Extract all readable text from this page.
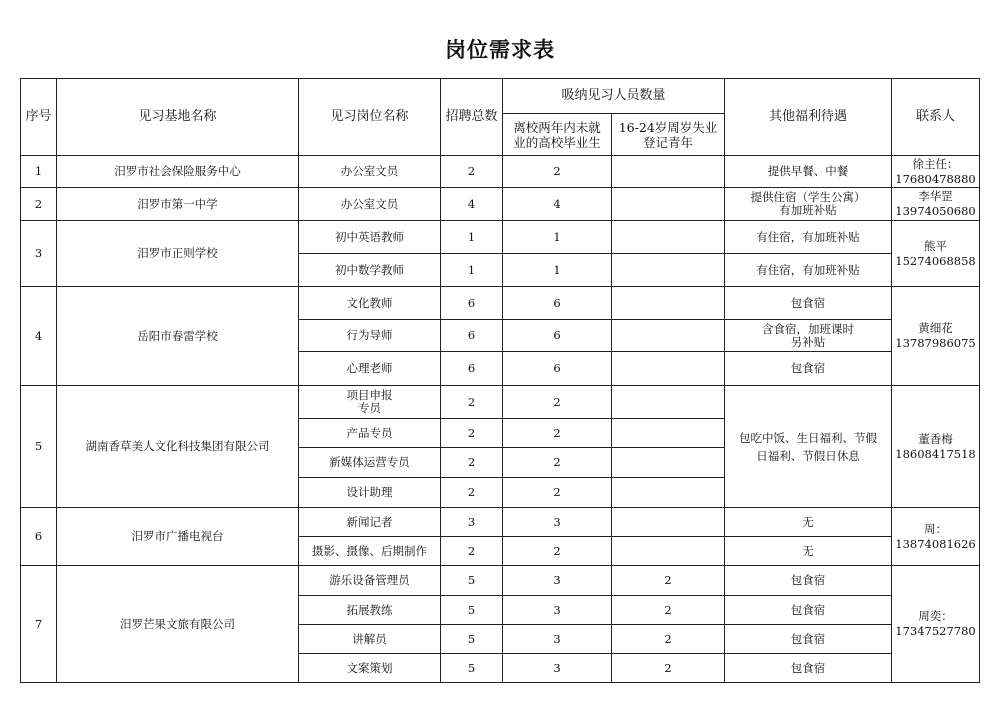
岗位需求表
序号	见习基地名称	见习岗位名称	招聘总数	吸纳见习人员数量		其他福利待遇	联系人

				离校两年内未就
业的高校毕业生	16-24岁周岁失业
登记青年		

1	汨罗市社会保险服务中心	办公室文员	2	2		提供早餐、中餐	徐主任：
17680478880

2	汨罗市第一中学	办公室文员	4	4		提供住宿（学生公寓）
有加班补贴	李华罡
13974050680

3	汨罗市正则学校	初中英语教师	1	1		有住宿，有加班补贴	熊平
15274068858

		初中数学教师	1	1		有住宿，有加班补贴	

4	岳阳市春雷学校	文化教师	6	6		包食宿	黄细花
13787986075

		行为导师	6	6		含食宿，加班课时
另补贴	

		心理老师	6	6		包食宿	

5	湖南香草美人文化科技集团有限公司	项目申报
专员	2	2		包吃中饭、生日福利、节假
日福利、节假日休息	董香梅
18608417518

		产品专员	2	2			

		新媒体运营专员	2	2			

		设计助理	2	2			
6	汨罗市广播电视台	新闻记者	3	3		无	周：
13874081626

		摄影、摄像、后期制作	2	2		无	

7	汨罗芒果文旅有限公司	游乐设备管理员	5	3	2	包食宿	周奕：
17347527780

		拓展教练	5	3	2	包食宿	

		讲解员	5	3	2	包食宿	

		文案策划	5	3	2	包食宿	
